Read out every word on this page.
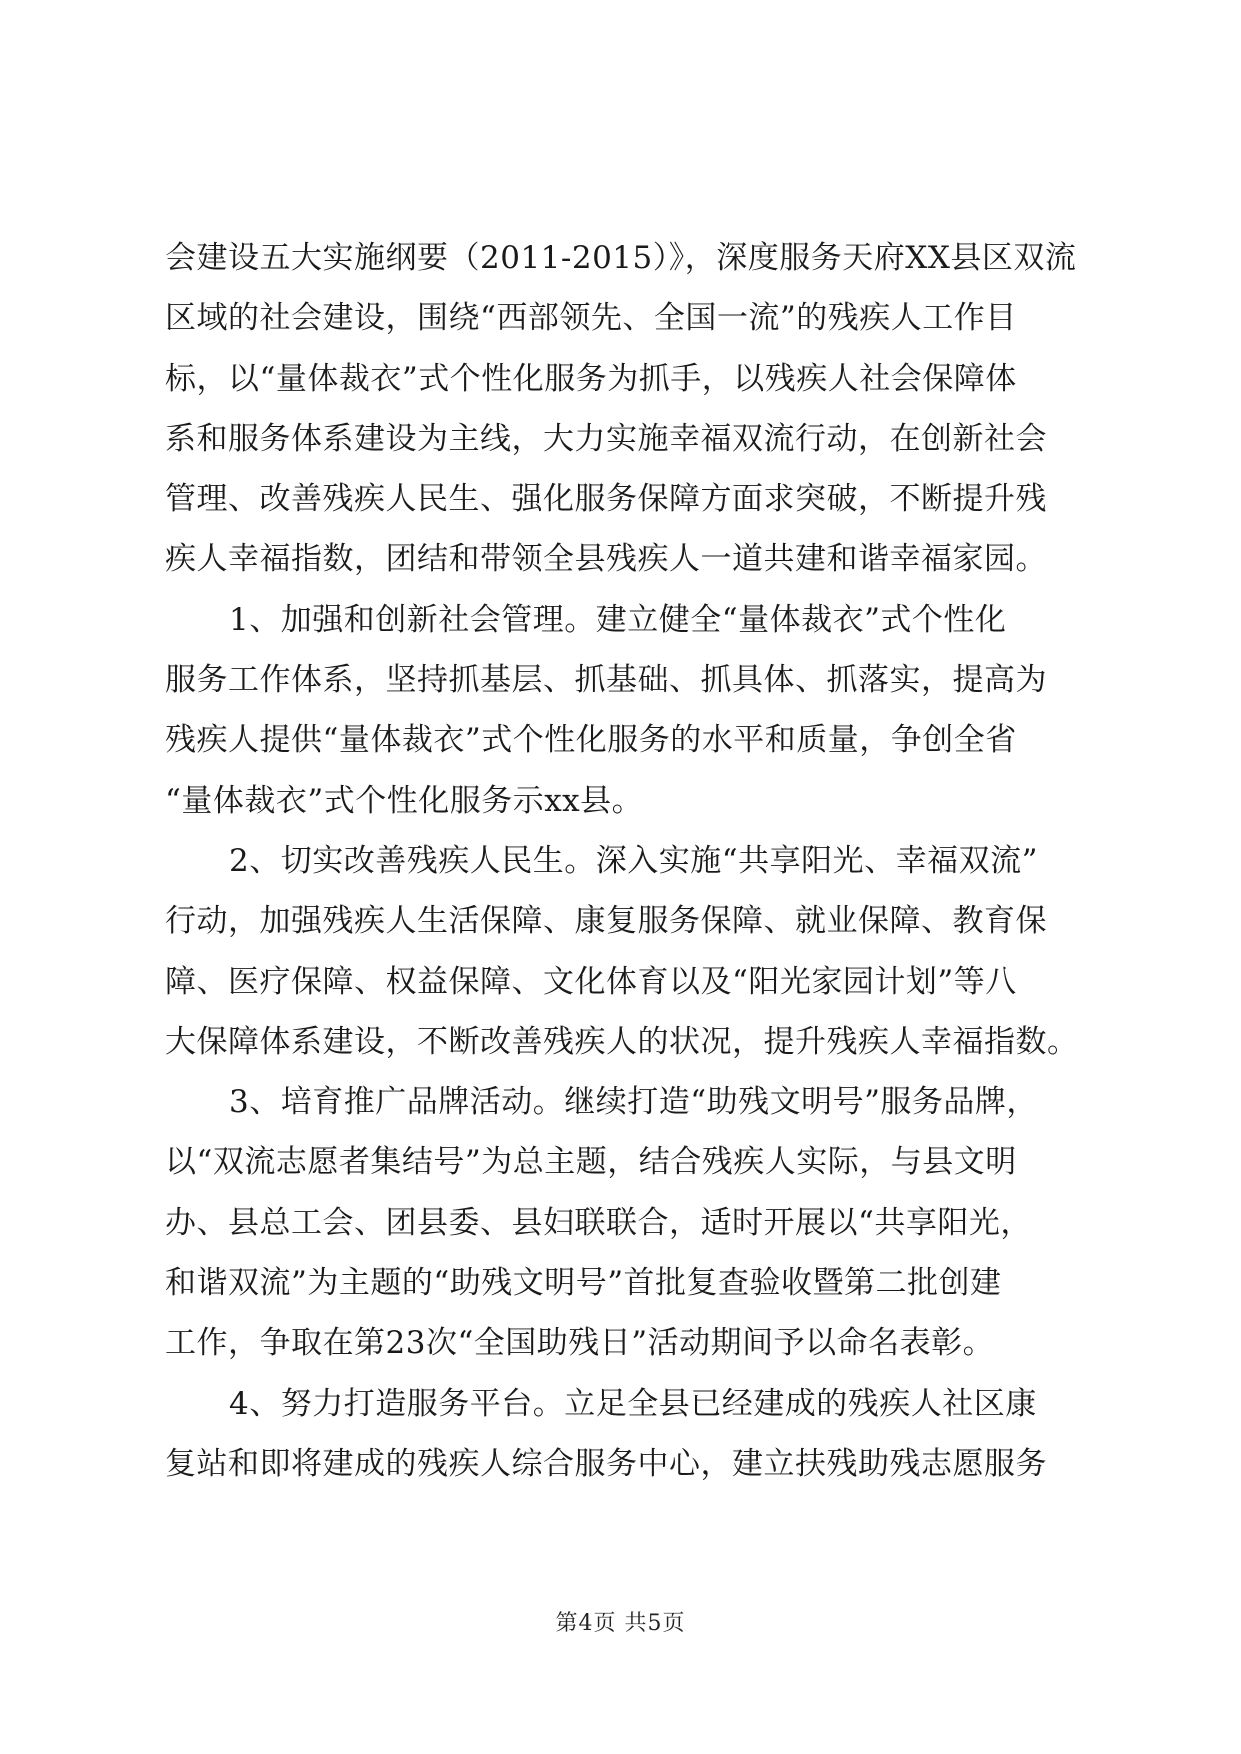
会建设五大实施纲要（2011-2015）》，深度服务天府XX县区双流
区域的社会建设，围绕“西部领先、全国一流”的残疾人工作目
标，以“量体裁衣”式个性化服务为抓手，以残疾人社会保障体
系和服务体系建设为主线，大力实施幸福双流行动，在创新社会
管理、改善残疾人民生、强化服务保障方面求突破，不断提升残
疾人幸福指数，团结和带领全县残疾人一道共建和谐幸福家园。
1、加强和创新社会管理。建立健全“量体裁衣”式个性化
服务工作体系，坚持抓基层、抓基础、抓具体、抓落实，提高为
残疾人提供“量体裁衣”式个性化服务的水平和质量，争创全省
“量体裁衣”式个性化服务示xx县。
2、切实改善残疾人民生。深入实施“共享阳光、幸福双流”
行动，加强残疾人生活保障、康复服务保障、就业保障、教育保
障、医疗保障、权益保障、文化体育以及“阳光家园计划”等八
大保障体系建设，不断改善残疾人的状况，提升残疾人幸福指数。
3、培育推广品牌活动。继续打造“助残文明号”服务品牌，
以“双流志愿者集结号”为总主题，结合残疾人实际，与县文明
办、县总工会、团县委、县妇联联合，适时开展以“共享阳光，
和谐双流”为主题的“助残文明号”首批复查验收暨第二批创建
工作，争取在第23次“全国助残日”活动期间予以命名表彰。
4、努力打造服务平台。立足全县已经建成的残疾人社区康
复站和即将建成的残疾人综合服务中心，建立扶残助残志愿服务
第4页 共5页
